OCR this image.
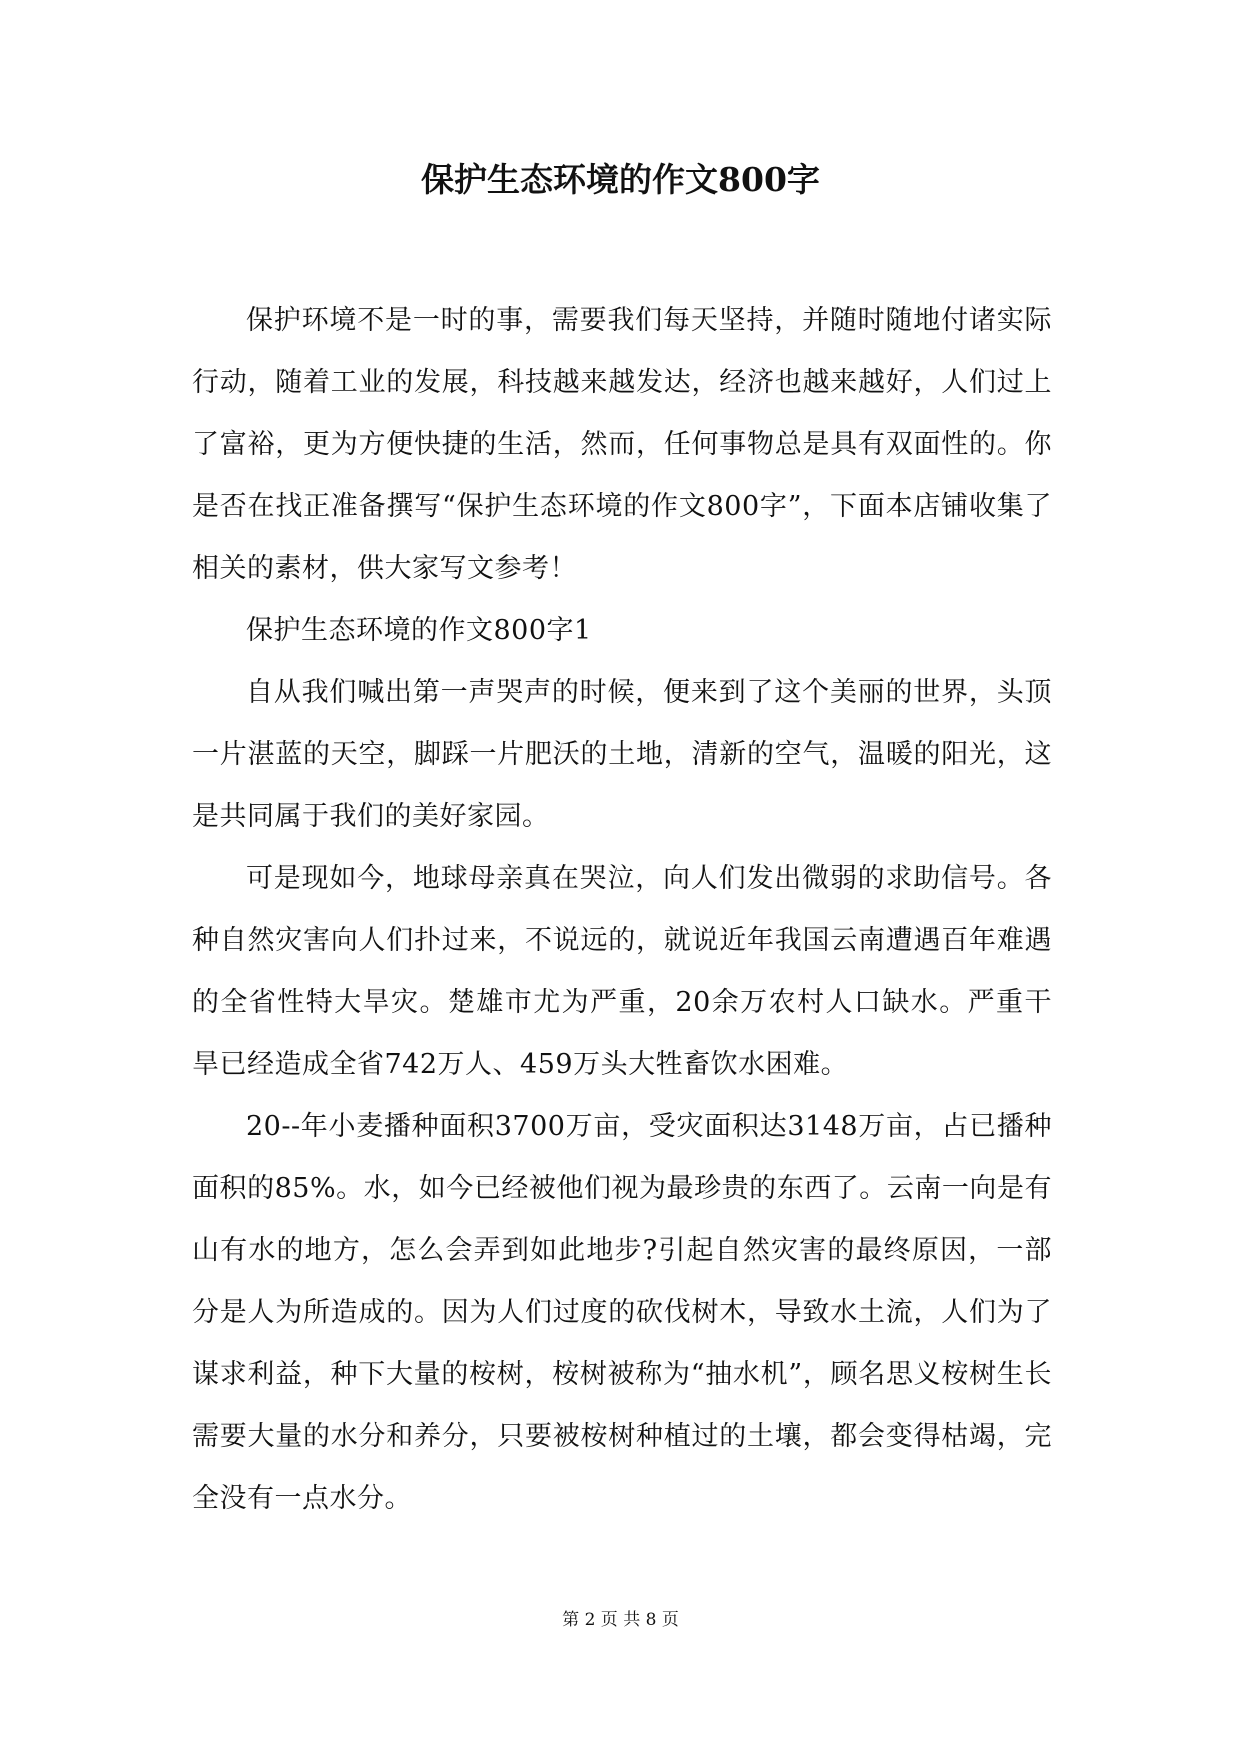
保护生态环境的作文800字

保护环境不是一时的事，需要我们每天坚持，并随时随地付诸实际行动，随着工业的发展，科技越来越发达，经济也越来越好，人们过上了富裕，更为方便快捷的生活，然而，任何事物总是具有双面性的。你是否在找正准备撰写“保护生态环境的作文800字”，下面本店铺收集了相关的素材，供大家写文参考！

保护生态环境的作文800字1

自从我们喊出第一声哭声的时候，便来到了这个美丽的世界，头顶一片湛蓝的天空，脚踩一片肥沃的土地，清新的空气，温暖的阳光，这是共同属于我们的美好家园。

可是现如今，地球母亲真在哭泣，向人们发出微弱的求助信号。各种自然灾害向人们扑过来，不说远的，就说近年我国云南遭遇百年难遇的全省性特大旱灾。楚雄市尤为严重，20余万农村人口缺水。严重干旱已经造成全省742万人、459万头大牲畜饮水困难。

20--年小麦播种面积3700万亩，受灾面积达3148万亩，占已播种面积的85%。水，如今已经被他们视为最珍贵的东西了。云南一向是有山有水的地方，怎么会弄到如此地步?引起自然灾害的最终原因，一部分是人为所造成的。因为人们过度的砍伐树木，导致水土流，人们为了谋求利益，种下大量的桉树，桉树被称为“抽水机”，顾名思义桉树生长需要大量的水分和养分，只要被桉树种植过的土壤，都会变得枯竭，完全没有一点水分。

第 2 页 共 8 页
